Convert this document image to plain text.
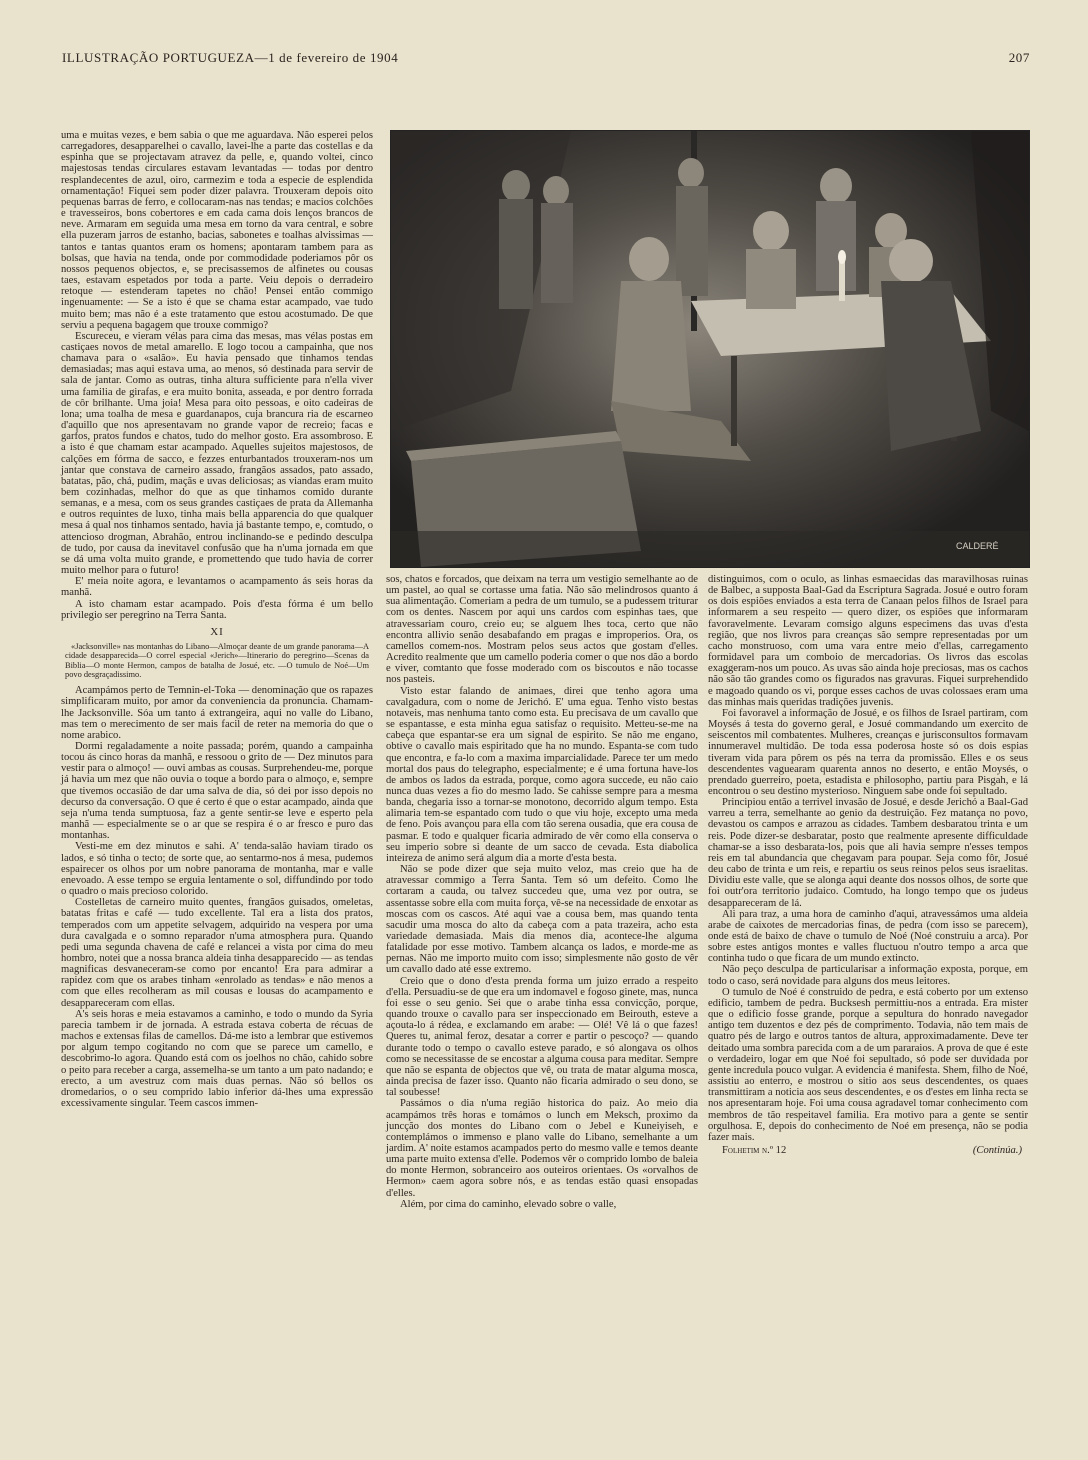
ILLUSTRAÇÃO PORTUGUEZA—1 de fevereiro de 1904	207
CALDERÉ

uma e muitas vezes, e bem sabia o que me aguardava. Não esperei pelos carregadores, desapparelhei o cavallo, lavei-lhe a parte das costellas e da espinha que se projectavam atravez da pelle, e, quando voltei, cinco majestosas tendas circulares estavam levantadas — todas por dentro resplandecentes de azul, oiro, carmezim e toda a especie de esplendida ornamentação! Fiquei sem poder dizer palavra. Trouxeram depois oito pequenas barras de ferro, e collocaram-nas nas tendas; e macios colchões e travesseiros, bons cobertores e em cada cama dois lenços brancos de neve. Armaram em seguida uma mesa em torno da vara central, e sobre ella puzeram jarros de estanho, bacias, sabonetes e toalhas alvissimas — tantos e tantas quantos eram os homens; apontaram tambem para as bolsas, que havia na tenda, onde por commodidade poderiamos pôr os nossos pequenos objectos, e, se precisassemos de alfinetes ou cousas taes, estavam espetados por toda a parte. Veiu depois o derradeiro retoque — estenderam tapetes no chão! Pensei então commigo ingenuamente: — Se a isto é que se chama estar acampado, vae tudo muito bem; mas não é a este tratamento que estou acostumado. De que serviu a pequena bagagem que trouxe commigo?

Escureceu, e vieram vélas para cima das mesas, mas vélas postas em castiçaes novos de metal amarello. E logo tocou a campainha, que nos chamava para o «salão». Eu havia pensado que tinhamos tendas demasiadas; mas aqui estava uma, ao menos, só destinada para servir de sala de jantar. Como as outras, tinha altura sufficiente para n'ella viver uma familia de girafas, e era muito bonita, asseada, e por dentro forrada de côr brilhante. Uma joia! Mesa para oito pessoas, e oito cadeiras de lona; uma toalha de mesa e guardanapos, cuja brancura ria de escarneo d'aquillo que nos apresentavam no grande vapor de recreio; facas e garfos, pratos fundos e chatos, tudo do melhor gosto. Era assombroso. E a isto é que chamam estar acampado. Aquelles sujeitos majestosos, de calções em fórma de sacco, e fezzes enturbantados trouxeram-nos um jantar que constava de carneiro assado, frangãos assados, pato assado, batatas, pão, chá, pudim, maçãs e uvas deliciosas; as viandas eram muito bem cozinhadas, melhor do que as que tinhamos comido durante semanas, e a mesa, com os seus grandes castiçaes de prata da Allemanha e outros requintes de luxo, tinha mais bella apparencia do que qualquer mesa á qual nos tinhamos sentado, havia já bastante tempo, e, comtudo, o attencioso drogman, Abrahão, entrou inclinando-se e pedindo desculpa de tudo, por causa da inevitavel confusão que ha n'uma jornada em que se dá uma volta muito grande, e promettendo que tudo havia de correr muito melhor para o futuro!

E' meia noite agora, e levantamos o acampamento ás seis horas da manhã.

A isto chamam estar acampado. Pois d'esta fórma é um bello privilegio ser peregrino na Terra Santa.

XI
«Jacksonville» nas montanhas do Libano—Almoçar deante de um grande panorama—A cidade desapparecida—O correl especial «Jerich»—Itinerario do peregrino—Scenas da Biblia—O monte Hermon, campos de batalha de Josué, etc. —O tumulo de Noé—Um povo desgraçadissimo.

Acampámos perto de Temnin-el-Toka — denominação que os rapazes simplificaram muito, por amor da conveniencia da pronuncia. Chamam-lhe Jacksonville. Sóa um tanto á extrangeira, aqui no valle do Libano, mas tem o merecimento de ser mais facil de reter na memoria do que o nome arabico.

Dormi regaladamente a noite passada; porém, quando a campainha tocou ás cinco horas da manhã, e ressoou o grito de — Dez minutos para vestir para o almoço! — ouvi ambas as cousas. Surprehendeu-me, porque já havia um mez que não ouvia o toque a bordo para o almoço, e, sempre que tivemos occasião de dar uma salva de dia, só dei por isso depois no decurso da conversação. O que é certo é que o estar acampado, ainda que seja n'uma tenda sumptuosa, faz a gente sentir-se leve e esperto pela manhã — especialmente se o ar que se respira é o ar fresco e puro das montanhas.

Vesti-me em dez minutos e sahi. A' tenda-salão haviam tirado os lados, e só tinha o tecto; de sorte que, ao sentarmo-nos á mesa, pudemos espairecer os olhos por um nobre panorama de montanha, mar e valle enevoado. A esse tempo se erguia lentamente o sol, diffundindo por todo o quadro o mais precioso colorido.

Costelletas de carneiro muito quentes, frangãos guisados, omeletas, batatas fritas e café — tudo excellente. Tal era a lista dos pratos, temperados com um appetite selvagem, adquirido na vespera por uma dura cavalgada e o somno reparador n'uma atmosphera pura. Quando pedi uma segunda chavena de café e relancei a vista por cima do meu hombro, notei que a nossa branca aldeia tinha desapparecido — as tendas magnificas desvaneceram-se como por encanto! Era para admirar a rapidez com que os arabes tinham «enrolado as tendas» e não menos a com que elles recolheram as mil cousas e lousas do acampamento e desappareceram com ellas.

A's seis horas e meia estavamos a caminho, e todo o mundo da Syria parecia tambem ir de jornada. A estrada estava coberta de récuas de machos e extensas filas de camellos. Dá-me isto a lembrar que estivemos por algum tempo cogitando no com que se parece um camello, e descobrimo-lo agora. Quando está com os joelhos no chão, cahido sobre o peito para receber a carga, assemelha-se um tanto a um pato nadando; e erecto, a um avestruz com mais duas pernas. Não só bellos os dromedarios, o o seu comprido labio inferior dá-lhes uma expressão excessivamente singular. Teem cascos immen-

sos, chatos e forcados, que deixam na terra um vestigio semelhante ao de um pastel, ao qual se cortasse uma fatia. Não são melindrosos quanto á sua alimentação. Comeriam a pedra de um tumulo, se a pudessem triturar com os dentes. Nascem por aqui uns cardos com espinhas taes, que atravessariam couro, creio eu; se alguem lhes toca, certo que não encontra allivio senão desabafando em pragas e improperios. Ora, os camellos comem-nos. Mostram pelos seus actos que gostam d'elles. Acredito realmente que um camello poderia comer o que nos dão a bordo e viver, comtanto que fosse moderado com os biscoutos e não tocasse nos pasteis.

Visto estar falando de animaes, direi que tenho agora uma cavalgadura, com o nome de Jerichó. E' uma egua. Tenho visto bestas notaveis, mas nenhuma tanto como esta. Eu precisava de um cavallo que se espantasse, e esta minha egua satisfaz o requisito. Metteu-se-me na cabeça que espantar-se era um signal de espirito. Se não me engano, obtive o cavallo mais espiritado que ha no mundo. Espanta-se com tudo que encontra, e fa-lo com a maxima imparcialidade. Parece ter um medo mortal dos paus do telegrapho, especialmente; e é uma fortuna have-los de ambos os lados da estrada, porque, como agora succede, eu não caio nunca duas vezes a fio do mesmo lado. Se cahisse sempre para a mesma banda, chegaria isso a tornar-se monotono, decorrido algum tempo. Esta alimaria tem-se espantado com tudo o que viu hoje, excepto uma meda de feno. Pois avançou para ella com tão serena ousadia, que era cousa de pasmar. E todo e qualquer ficaria admirado de vêr como ella conserva o seu imperio sobre si deante de um sacco de cevada. Esta diabolica inteireza de animo será algum dia a morte d'esta besta.

Não se pode dizer que seja muito veloz, mas creio que ha de atravessar commigo a Terra Santa. Tem só um defeito. Como lhe cortaram a cauda, ou talvez succedeu que, uma vez por outra, se assentasse sobre ella com muita força, vê-se na necessidade de enxotar as moscas com os cascos. Até aqui vae a cousa bem, mas quando tenta sacudir uma mosca do alto da cabeça com a pata trazeira, acho esta variedade demasiada. Mais dia menos dia, acontece-lhe alguma fatalidade por esse motivo. Tambem alcança os lados, e morde-me as pernas. Não me importo muito com isso; simplesmente não gosto de vêr um cavallo dado até esse extremo.

Creio que o dono d'esta prenda forma um juizo errado a respeito d'ella. Persuadiu-se de que era um indomavel e fogoso ginete, mas, nunca foi esse o seu genio. Sei que o arabe tinha essa convicção, porque, quando trouxe o cavallo para ser inspeccionado em Beirouth, esteve a açouta-lo á rédea, e exclamando em arabe: — Olé! Vê lá o que fazes! Queres tu, animal feroz, desatar a correr e partir o pescoço? — quando durante todo o tempo o cavallo esteve parado, e só alongava os olhos como se necessitasse de se encostar a alguma cousa para meditar. Sempre que não se espanta de objectos que vê, ou trata de matar alguma mosca, ainda precisa de fazer isso. Quanto não ficaria admirado o seu dono, se tal soubesse!

Passámos o dia n'uma região historica do paiz. Ao meio dia acampámos três horas e tomámos o lunch em Meksch, proximo da juncção dos montes do Libano com o Jebel e Kuneiyiseh, e contemplámos o immenso e plano valle do Libano, semelhante a um jardim. A' noite estamos acampados perto do mesmo valle e temos deante uma parte muito extensa d'elle. Podemos vêr o comprido lombo de baleia do monte Hermon, sobranceiro aos outeiros orientaes. Os «orvalhos de Hermon» caem agora sobre nós, e as tendas estão quasi ensopadas d'elles.

Além, por cima do caminho, elevado sobre o valle,

distinguimos, com o oculo, as linhas esmaecidas das maravilhosas ruinas de Balbec, a supposta Baal-Gad da Escriptura Sagrada. Josué e outro foram os dois espiões enviados a esta terra de Canaan pelos filhos de Israel para informarem a seu respeito — quero dizer, os espiões que informaram favoravelmente. Levaram comsigo alguns especimens das uvas d'esta região, que nos livros para creanças são sempre representadas por um cacho monstruoso, com uma vara entre meio d'ellas, carregamento formidavel para um comboio de mercadorias. Os livros das escolas exaggeram-nos um pouco. As uvas são ainda hoje preciosas, mas os cachos não são tão grandes como os figurados nas gravuras. Fiquei surprehendido e magoado quando os vi, porque esses cachos de uvas colossaes eram uma das minhas mais queridas tradições juvenis.

Foi favoravel a informação de Josué, e os filhos de Israel partiram, com Moysés á testa do governo geral, e Josué commandando um exercito de seiscentos mil combatentes. Mulheres, creanças e jurisconsultos formavam innumeravel multidão. De toda essa poderosa hoste só os dois espias tiveram vida para pôrem os pés na terra da promissão. Elles e os seus descendentes vaguearam quarenta annos no deserto, e então Moysés, o prendado guerreiro, poeta, estadista e philosopho, partiu para Pisgah, e lá encontrou o seu destino mysterioso. Ninguem sabe onde foi sepultado.

Principiou então a terrivel invasão de Josué, e desde Jerichó a Baal-Gad varreu a terra, semelhante ao genio da destruição. Fez matança no povo, devastou os campos e arrazou as cidades. Tambem desbaratou trinta e um reis. Pode dizer-se desbaratar, posto que realmente apresente difficuldade chamar-se a isso desbarata-los, pois que ali havia sempre n'esses tempos reis em tal abundancia que chegavam para poupar. Seja como fôr, Josué deu cabo de trinta e um reis, e repartiu os seus reinos pelos seus israelitas. Dividiu este valle, que se alonga aqui deante dos nossos olhos, de sorte que foi outr'ora territorio judaico. Comtudo, ha longo tempo que os judeus desappareceram de lá.

Ali para traz, a uma hora de caminho d'aqui, atravessámos uma aldeia arabe de caixotes de mercadorias finas, de pedra (com isso se parecem), onde está de baixo de chave o tumulo de Noé (Noé construiu a arca). Por sobre estes antigos montes e valles fluctuou n'outro tempo a arca que continha tudo o que ficara de um mundo extincto.

Não peço desculpa de particularisar a informação exposta, porque, em todo o caso, será novidade para alguns dos meus leitores.

O tumulo de Noé é construido de pedra, e está coberto por um extenso edificio, tambem de pedra. Bucksesh permittiu-nos a entrada. Era mister que o edificio fosse grande, porque a sepultura do honrado navegador antigo tem duzentos e dez pés de comprimento. Todavia, não tem mais de quatro pés de largo e outros tantos de altura, approximadamente. Deve ter deitado uma sombra parecida com a de um pararaios. A prova de que é este o verdadeiro, logar em que Noé foi sepultado, só pode ser duvidada por gente incredula pouco vulgar. A evidencia é manifesta. Shem, filho de Noé, assistiu ao enterro, e mostrou o sitio aos seus descendentes, os quaes transmittiram a noticia aos seus descendentes, e os d'estes em linha recta se nos apresentaram hoje. Foi uma cousa agradavel tomar conhecimento com membros de tão respeitavel familia. Era motivo para a gente se sentir orgulhosa. E, depois do conhecimento de Noé em presença, não se podia fazer mais.

Folhetim n.º 12	(Continúa.)
